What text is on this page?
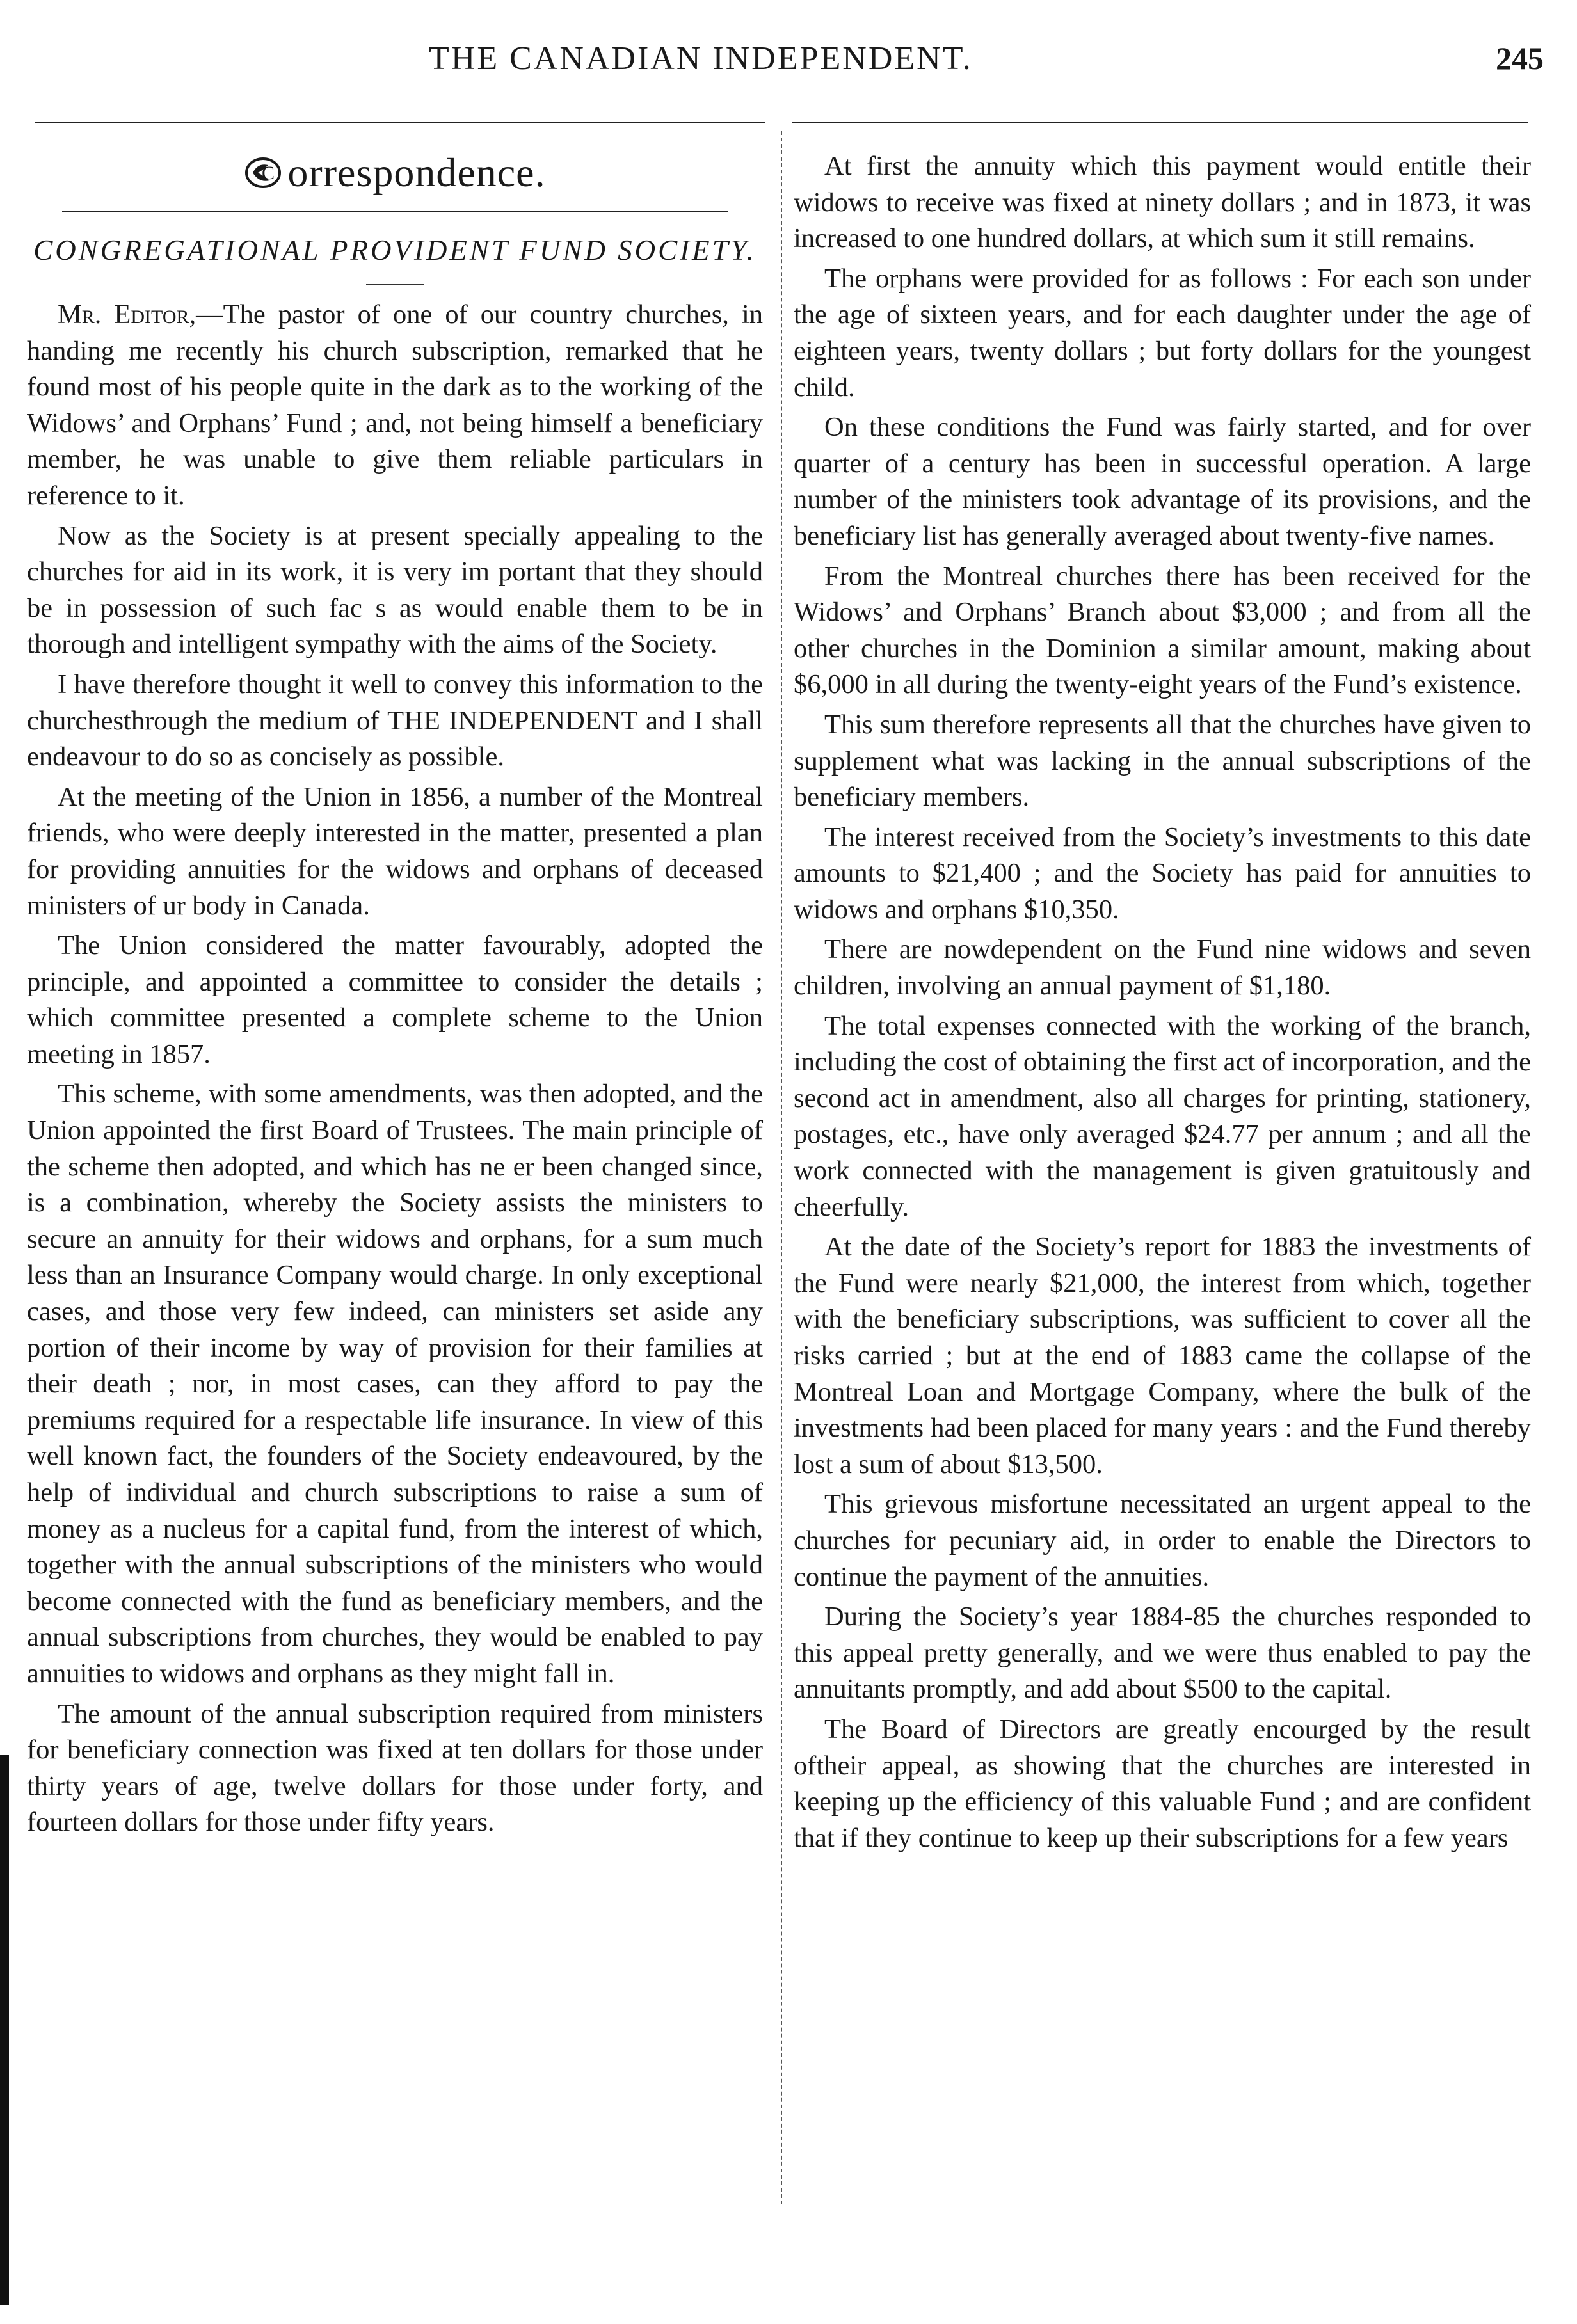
THE CANADIAN INDEPENDENT.	245
C orrespondence.
CONGREGATIONAL PROVIDENT FUND SOCIETY.

Mr. Editor,—The pastor of one of our country churches, in handing me recently his church subscription, remarked that he found most of his people quite in the dark as to the working of the Widows’ and Orphans’ Fund ; and, not being himself a beneficiary member, he was unable to give them reliable particulars in reference to it.

Now as the Society is at present specially appealing to the churches for aid in its work, it is very im portant that they should be in possession of such fac s as would enable them to be in thorough and intelligent sympathy with the aims of the Society.

I have therefore thought it well to convey this information to the churchesthrough the medium of THE INDEPENDENT and I shall endeavour to do so as concisely as possible.

At the meeting of the Union in 1856, a number of the Montreal friends, who were deeply interested in the matter, presented a plan for providing annuities for the widows and orphans of deceased ministers of ur body in Canada.

The Union considered the matter favourably, adopted the principle, and appointed a committee to consider the details ; which committee presented a complete scheme to the Union meeting in 1857.

This scheme, with some amendments, was then adopted, and the Union appointed the first Board of Trustees. The main principle of the scheme then adopted, and which has ne er been changed since, is a combination, whereby the Society assists the ministers to secure an annuity for their widows and orphans, for a sum much less than an Insurance Company would charge. In only exceptional cases, and those very few indeed, can ministers set aside any portion of their income by way of provision for their families at their death ; nor, in most cases, can they afford to pay the premiums required for a respectable life insurance. In view of this well known fact, the founders of the Society endeavoured, by the help of individual and church subscriptions to raise a sum of money as a nucleus for a capital fund, from the interest of which, together with the annual subscriptions of the ministers who would become connected with the fund as beneficiary members, and the annual subscriptions from churches, they would be enabled to pay annuities to widows and orphans as they might fall in.

The amount of the annual subscription required from ministers for beneficiary connection was fixed at ten dollars for those under thirty years of age, twelve dollars for those under forty, and fourteen dollars for those under fifty years.

At first the annuity which this payment would entitle their widows to receive was fixed at ninety dollars ; and in 1873, it was increased to one hundred dollars, at which sum it still remains.

The orphans were provided for as follows : For each son under the age of sixteen years, and for each daughter under the age of eighteen years, twenty dollars ; but forty dollars for the youngest child.

On these conditions the Fund was fairly started, and for over quarter of a century has been in successful operation. A large number of the ministers took advantage of its provisions, and the beneficiary list has generally averaged about twenty-five names.

From the Montreal churches there has been received for the Widows’ and Orphans’ Branch about $3,000 ; and from all the other churches in the Dominion a similar amount, making about $6,000 in all during the twenty-eight years of the Fund’s existence.

This sum therefore represents all that the churches have given to supplement what was lacking in the annual subscriptions of the beneficiary members.

The interest received from the Society’s investments to this date amounts to $21,400 ; and the Society has paid for annuities to widows and orphans $10,350.

There are nowdependent on the Fund nine widows and seven children, involving an annual payment of $1,180.

The total expenses connected with the working of the branch, including the cost of obtaining the first act of incorporation, and the second act in amendment, also all charges for printing, stationery, postages, etc., have only averaged $24.77 per annum ; and all the work connected with the management is given gratuitously and cheerfully.

At the date of the Society’s report for 1883 the investments of the Fund were nearly $21,000, the interest from which, together with the beneficiary subscriptions, was sufficient to cover all the risks carried ; but at the end of 1883 came the collapse of the Montreal Loan and Mortgage Company, where the bulk of the investments had been placed for many years : and the Fund thereby lost a sum of about $13,500.

This grievous misfortune necessitated an urgent appeal to the churches for pecuniary aid, in order to enable the Directors to continue the payment of the annuities.

During the Society’s year 1884-85 the churches responded to this appeal pretty generally, and we were thus enabled to pay the annuitants promptly, and add about $500 to the capital.

The Board of Directors are greatly encourged by the result oftheir appeal, as showing that the churches are interested in keeping up the efficiency of this valuable Fund ; and are confident that if they continue to keep up their subscriptions for a few years
